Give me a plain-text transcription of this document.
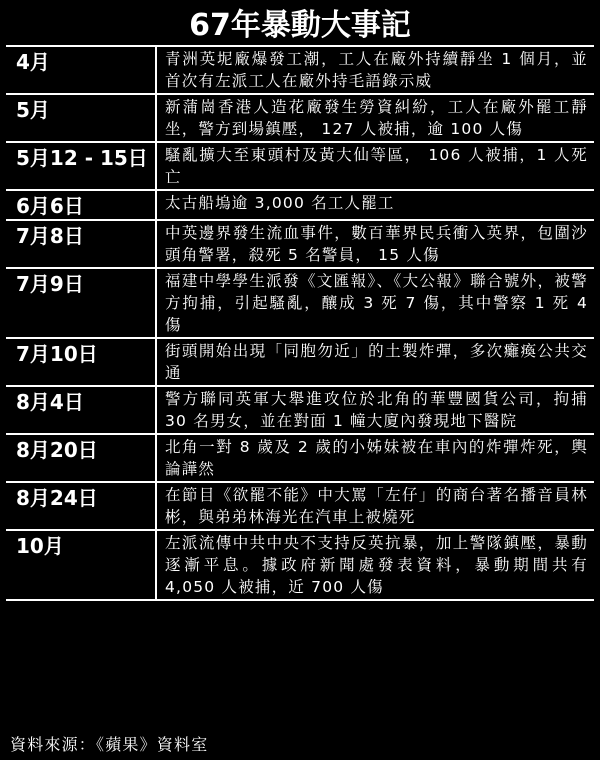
67年暴動大事記
4月	青洲英坭廠爆發工潮，工人在廠外持續靜坐 1 個月，並首次有左派工人在廠外持毛語錄示威
5月	新蒲崗香港人造花廠發生勞資糾紛，工人在廠外罷工靜坐，警方到場鎮壓， 127 人被捕，逾 100 人傷
5月12 - 15日	騷亂擴大至東頭村及黃大仙等區， 106 人被捕，1 人死亡
6月6日	太古船塢逾 3,000 名工人罷工
7月8日	中英邊界發生流血事件，數百華界民兵衝入英界，包圍沙頭角警署，殺死 5 名警員， 15 人傷
7月9日	福建中學學生派發《文匯報》、《大公報》聯合號外，被警方拘捕，引起騷亂，釀成 3 死 7 傷，其中警察 1 死 4 傷
7月10日	街頭開始出現「同胞勿近」的土製炸彈，多次癱瘓公共交通
8月4日	警方聯同英軍大舉進攻位於北角的華豐國貨公司，拘捕 30 名男女，並在對面 1 幢大廈內發現地下醫院
8月20日	北角一對 8 歲及 2 歲的小姊妹被在車內的炸彈炸死，輿論譁然
8月24日	在節目《欲罷不能》中大罵「左仔」的商台著名播音員林彬，與弟弟林海光在汽車上被燒死
10月	左派流傳中共中央不支持反英抗暴，加上警隊鎮壓，暴動逐漸平息。據政府新聞處發表資料，暴動期間共有 4,050 人被捕，近 700 人傷
資料來源：《蘋果》資料室
